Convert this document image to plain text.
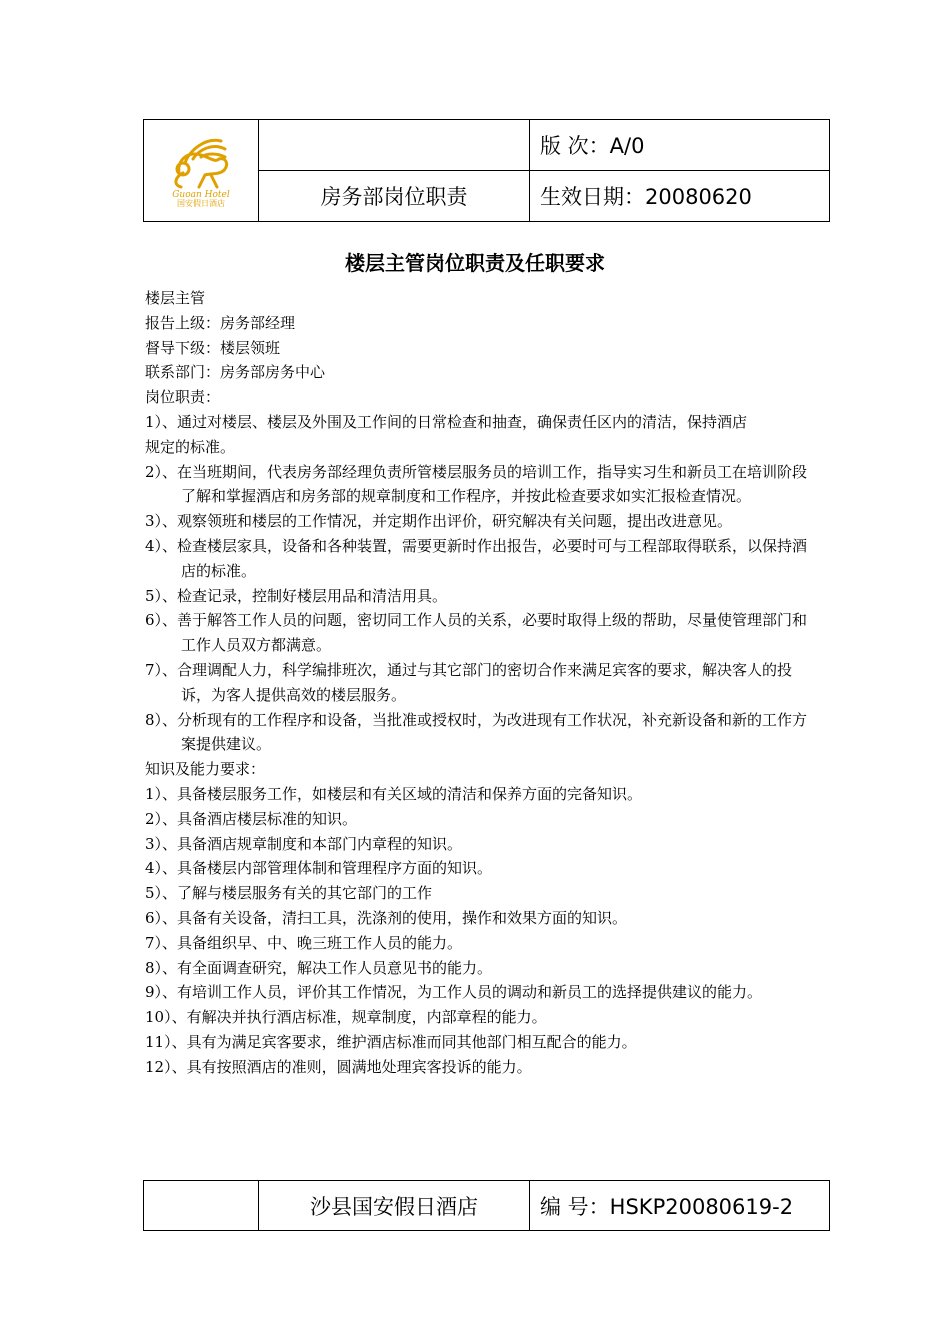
Guoan Hotel
国安假日酒店		版 次：A/0
	房务部岗位职责	生效日期：20080620
楼层主管岗位职责及任职要求

楼层主管

报告上级：房务部经理

督导下级：楼层领班

联系部门：房务部房务中心

岗位职责：

1）、通过对楼层、楼层及外围及工作间的日常检查和抽查，确保责任区内的清洁，保持酒店

规定的标准。

2）、在当班期间，代表房务部经理负责所管楼层服务员的培训工作，指导实习生和新员工在培训阶段了解和掌握酒店和房务部的规章制度和工作程序，并按此检查要求如实汇报检查情况。

3）、观察领班和楼层的工作情况，并定期作出评价，研究解决有关问题，提出改进意见。

4）、检查楼层家具，设备和各种装置，需要更新时作出报告，必要时可与工程部取得联系，以保持酒店的标准。

5）、检查记录，控制好楼层用品和清洁用具。

6）、善于解答工作人员的问题，密切同工作人员的关系，必要时取得上级的帮助，尽量使管理部门和工作人员双方都满意。

7）、合理调配人力，科学编排班次，通过与其它部门的密切合作来满足宾客的要求，解决客人的投诉，为客人提供高效的楼层服务。

8）、分析现有的工作程序和设备，当批准或授权时，为改进现有工作状况，补充新设备和新的工作方案提供建议。

知识及能力要求：

1）、具备楼层服务工作，如楼层和有关区域的清洁和保养方面的完备知识。

2）、具备酒店楼层标准的知识。

3）、具备酒店规章制度和本部门内章程的知识。

4）、具备楼层内部管理体制和管理程序方面的知识。

5）、了解与楼层服务有关的其它部门的工作

6）、具备有关设备，清扫工具，洗涤剂的使用，操作和效果方面的知识。

7）、具备组织早、中、晚三班工作人员的能力。

8）、有全面调查研究，解决工作人员意见书的能力。

9）、有培训工作人员，评价其工作情况，为工作人员的调动和新员工的选择提供建议的能力。

10）、有解决并执行酒店标准，规章制度，内部章程的能力。

11）、具有为满足宾客要求，维护酒店标准而同其他部门相互配合的能力。

12）、具有按照酒店的准则，圆满地处理宾客投诉的能力。

	沙县国安假日酒店	编 号：HSKP20080619-2
